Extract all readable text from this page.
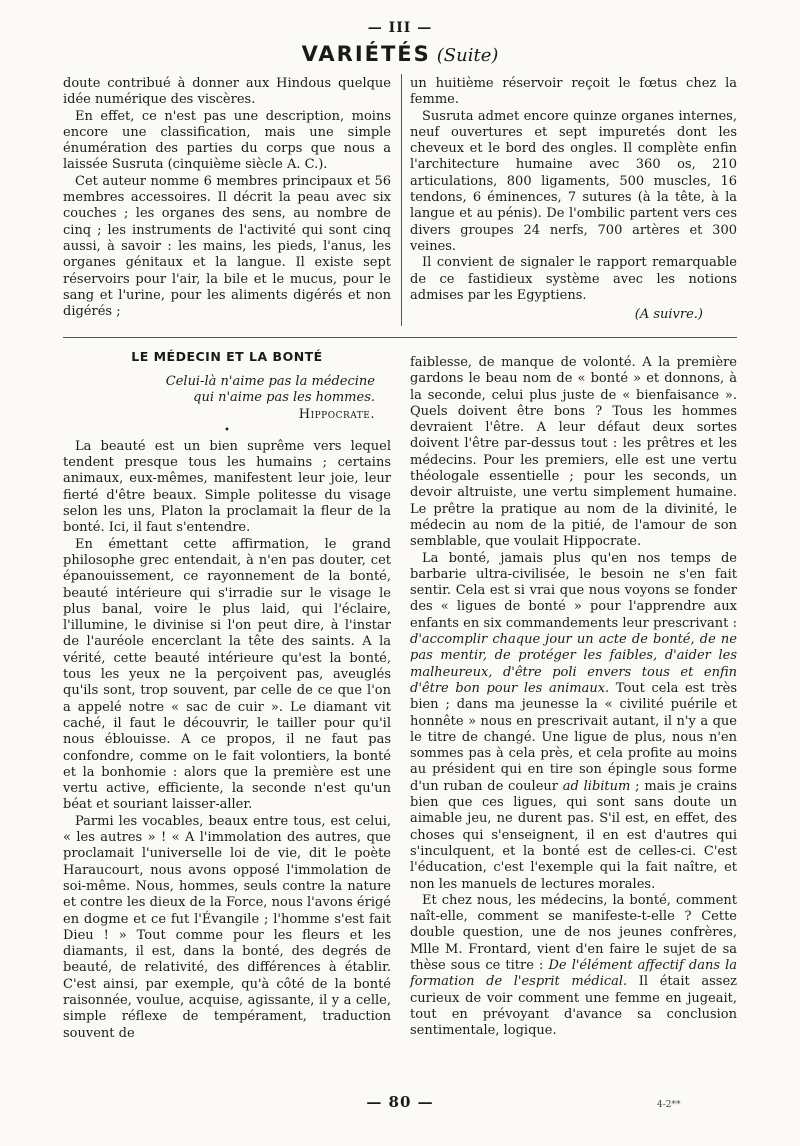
— III —
VARIÉTÉS (Suite)

doute contribué à donner aux Hindous quelque idée numérique des viscères.

En effet, ce n'est pas une description, moins encore une classification, mais une simple énumération des parties du corps que nous a laissée Susruta (cinquième siècle A. C.).

Cet auteur nomme 6 membres principaux et 56 membres accessoires. Il décrit la peau avec six couches ; les organes des sens, au nombre de cinq ; les instruments de l'activité qui sont cinq aussi, à savoir : les mains, les pieds, l'anus, les organes génitaux et la langue. Il existe sept réservoirs pour l'air, la bile et le mucus, pour le sang et l'urine, pour les aliments digérés et non digérés ;

un huitième réservoir reçoit le fœtus chez la femme.

Susruta admet encore quinze organes internes, neuf ouvertures et sept impuretés dont les cheveux et le bord des ongles. Il complète enfin l'architecture humaine avec 360 os, 210 articulations, 800 ligaments, 500 muscles, 16 tendons, 6 éminences, 7 sutures (à la tête, à la langue et au pénis). De l'ombilic partent vers ces divers groupes 24 nerfs, 700 artères et 300 veines.

Il convient de signaler le rapport remarquable de ce fastidieux système avec les notions admises par les Egyptiens.

(A suivre.)
LE MÉDECIN ET LA BONTÉ
Celui-là n'aime pas la médecine
qui n'aime pas les hommes.
Hippocrate.
•

La beauté est un bien suprême vers lequel tendent presque tous les humains ; certains animaux, eux-mêmes, manifestent leur joie, leur fierté d'être beaux. Simple politesse du visage selon les uns, Platon la proclamait la fleur de la bonté. Ici, il faut s'entendre.

En émettant cette affirmation, le grand philosophe grec entendait, à n'en pas douter, cet épanouissement, ce rayonnement de la bonté, beauté intérieure qui s'irradie sur le visage le plus banal, voire le plus laid, qui l'éclaire, l'illumine, le divinise si l'on peut dire, à l'instar de l'auréole encerclant la tête des saints. A la vérité, cette beauté intérieure qu'est la bonté, tous les yeux ne la perçoivent pas, aveuglés qu'ils sont, trop souvent, par celle de ce que l'on a appelé notre « sac de cuir ». Le diamant vit caché, il faut le découvrir, le tailler pour qu'il nous éblouisse. A ce propos, il ne faut pas confondre, comme on le fait volontiers, la bonté et la bonhomie : alors que la première est une vertu active, efficiente, la seconde n'est qu'un béat et souriant laisser-aller.

Parmi les vocables, beaux entre tous, est celui, « les autres » ! « A l'immolation des autres, que proclamait l'universelle loi de vie, dit le poète Haraucourt, nous avons opposé l'immolation de soi-même. Nous, hommes, seuls contre la nature et contre les dieux de la Force, nous l'avons érigé en dogme et ce fut l'Évangile ; l'homme s'est fait Dieu ! » Tout comme pour les fleurs et les diamants, il est, dans la bonté, des degrés de beauté, de relativité, des différences à établir. C'est ainsi, par exemple, qu'à côté de la bonté raisonnée, voulue, acquise, agissante, il y a celle, simple réflexe de tempérament, traduction souvent de

faiblesse, de manque de volonté. A la première gardons le beau nom de « bonté » et donnons, à la seconde, celui plus juste de « bienfaisance ». Quels doivent être bons ? Tous les hommes devraient l'être. A leur défaut deux sortes doivent l'être par-dessus tout : les prêtres et les médecins. Pour les premiers, elle est une vertu théologale essentielle ; pour les seconds, un devoir altruiste, une vertu simplement humaine. Le prêtre la pratique au nom de la divinité, le médecin au nom de la pitié, de l'amour de son semblable, que voulait Hippocrate.

La bonté, jamais plus qu'en nos temps de barbarie ultra-civilisée, le besoin ne s'en fait sentir. Cela est si vrai que nous voyons se fonder des « ligues de bonté » pour l'apprendre aux enfants en six commandements leur prescrivant : d'accomplir chaque jour un acte de bonté, de ne pas mentir, de protéger les faibles, d'aider les malheureux, d'être poli envers tous et enfin d'être bon pour les animaux. Tout cela est très bien ; dans ma jeunesse la « civilité puérile et honnête » nous en prescrivait autant, il n'y a que le titre de changé. Une ligue de plus, nous n'en sommes pas à cela près, et cela profite au moins au président qui en tire son épingle sous forme d'un ruban de couleur ad libitum ; mais je crains bien que ces ligues, qui sont sans doute un aimable jeu, ne durent pas. S'il est, en effet, des choses qui s'enseignent, il en est d'autres qui s'inculquent, et la bonté est de celles-ci. C'est l'éducation, c'est l'exemple qui la fait naître, et non les manuels de lectures morales.

Et chez nous, les médecins, la bonté, comment naît-elle, comment se manifeste-t-elle ? Cette double question, une de nos jeunes confrères, Mlle M. Frontard, vient d'en faire le sujet de sa thèse sous ce titre : De l'élément affectif dans la formation de l'esprit médical. Il était assez curieux de voir comment une femme en jugeait, tout en prévoyant d'avance sa conclusion sentimentale, logique.

— 80 —	4-2**
